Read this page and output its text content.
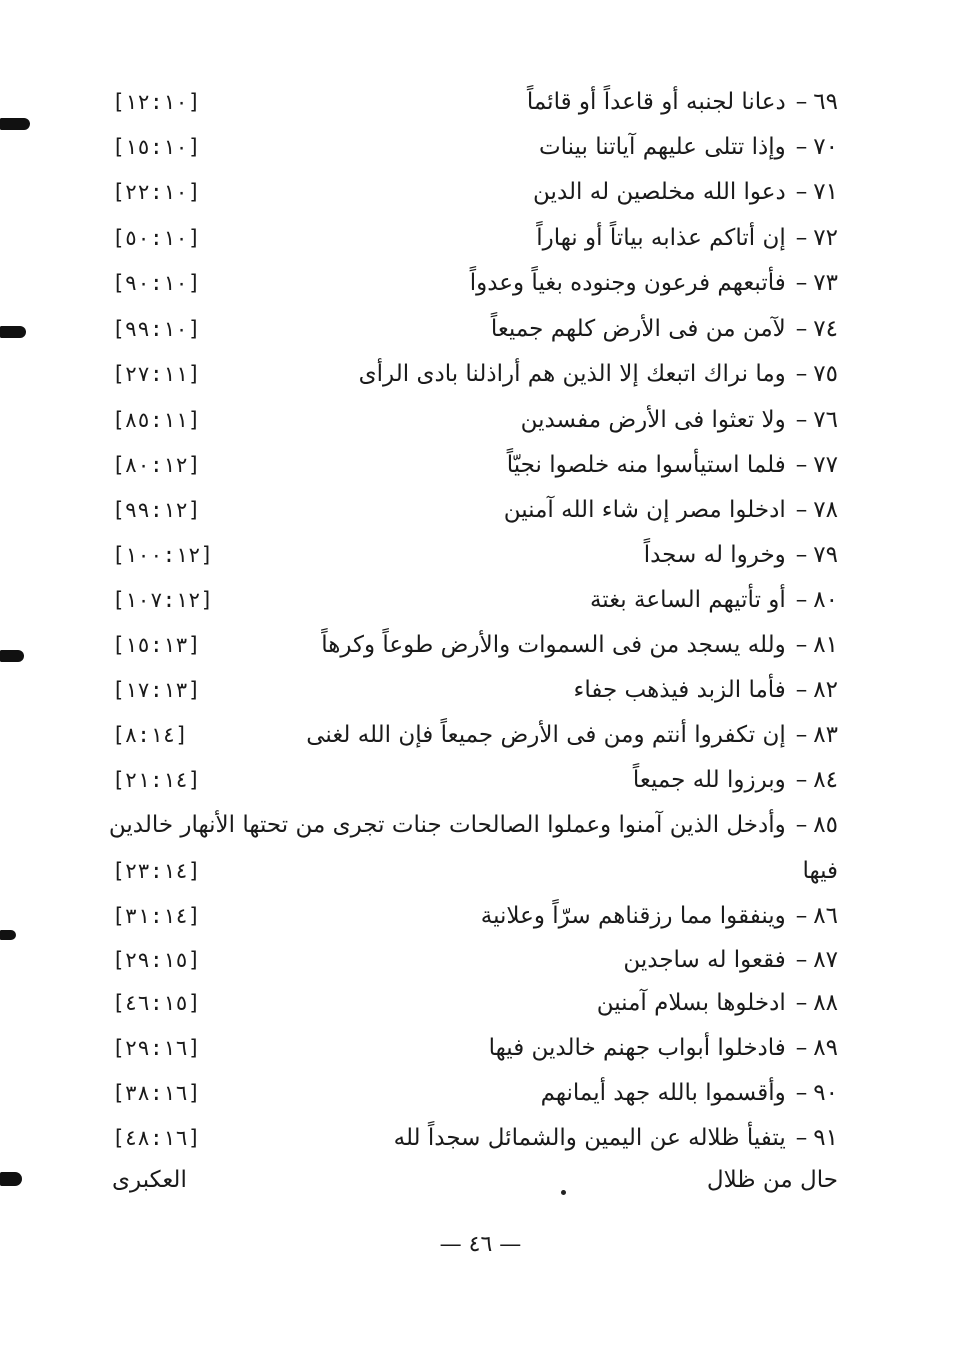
[١٢:١٠]	٦٩–دعانا لجنبه أو قاعداً أو قائماً
[١٥:١٠]	٧٠–وإذا تتلى عليهم آياتنا بينات
[٢٢:١٠]	٧١–دعوا الله مخلصين له الدين
[٥٠:١٠]	٧٢–إن أتاكم عذابه بياتاً أو نهاراً
[٩٠:١٠]	٧٣–فأتبعهم فرعون وجنوده بغياً وعدواً
[٩٩:١٠]	٧٤–لآمن من فى الأرض كلهم جميعاً
[٢٧:١١]	٧٥–وما نراك اتبعك إلا الذين هم أراذلنا بادى الرأى
[٨٥:١١]	٧٦–ولا تعثوا فى الأرض مفسدين
[٨٠:١٢]	٧٧–فلما استيأسوا منه خلصوا نجيّاً
[٩٩:١٢]	٧٨–ادخلوا مصر إن شاء الله آمنين
[١٠٠:١٢]	٧٩–وخروا له سجداً
[١٠٧:١٢]	٨٠–أو تأتيهم الساعة بغتة
[١٥:١٣]	٨١–ولله يسجد من فى السموات والأرض طوعاً وكرهاً
[١٧:١٣]	٨٢–فأما الزبد فيذهب جفاء
[٨:١٤]	٨٣–إن تكفروا أنتم ومن فى الأرض جميعاً فإن الله لغنى
[٢١:١٤]	٨٤–وبرزوا لله جميعاً
٨٥–وأدخل الذين آمنوا وعملوا الصالحات جنات تجرى من تحتها الأنهار خالدين
[٢٣:١٤]	فيها
[٣١:١٤]	٨٦–وينفقوا مما رزقناهم سرّاً وعلانية
[٢٩:١٥]	٨٧–فقعوا له ساجدين
[٤٦:١٥]	٨٨–ادخلوها بسلام آمنين
[٢٩:١٦]	٨٩–فادخلوا أبواب جهنم خالدين فيها
[٣٨:١٦]	٩٠–وأقسموا بالله جهد أيمانهم
[٤٨:١٦]	٩١–يتفيأ ظلاله عن اليمين والشمائل سجداً لله
العكبرى	حال من ظلال
— ٤٦ —
